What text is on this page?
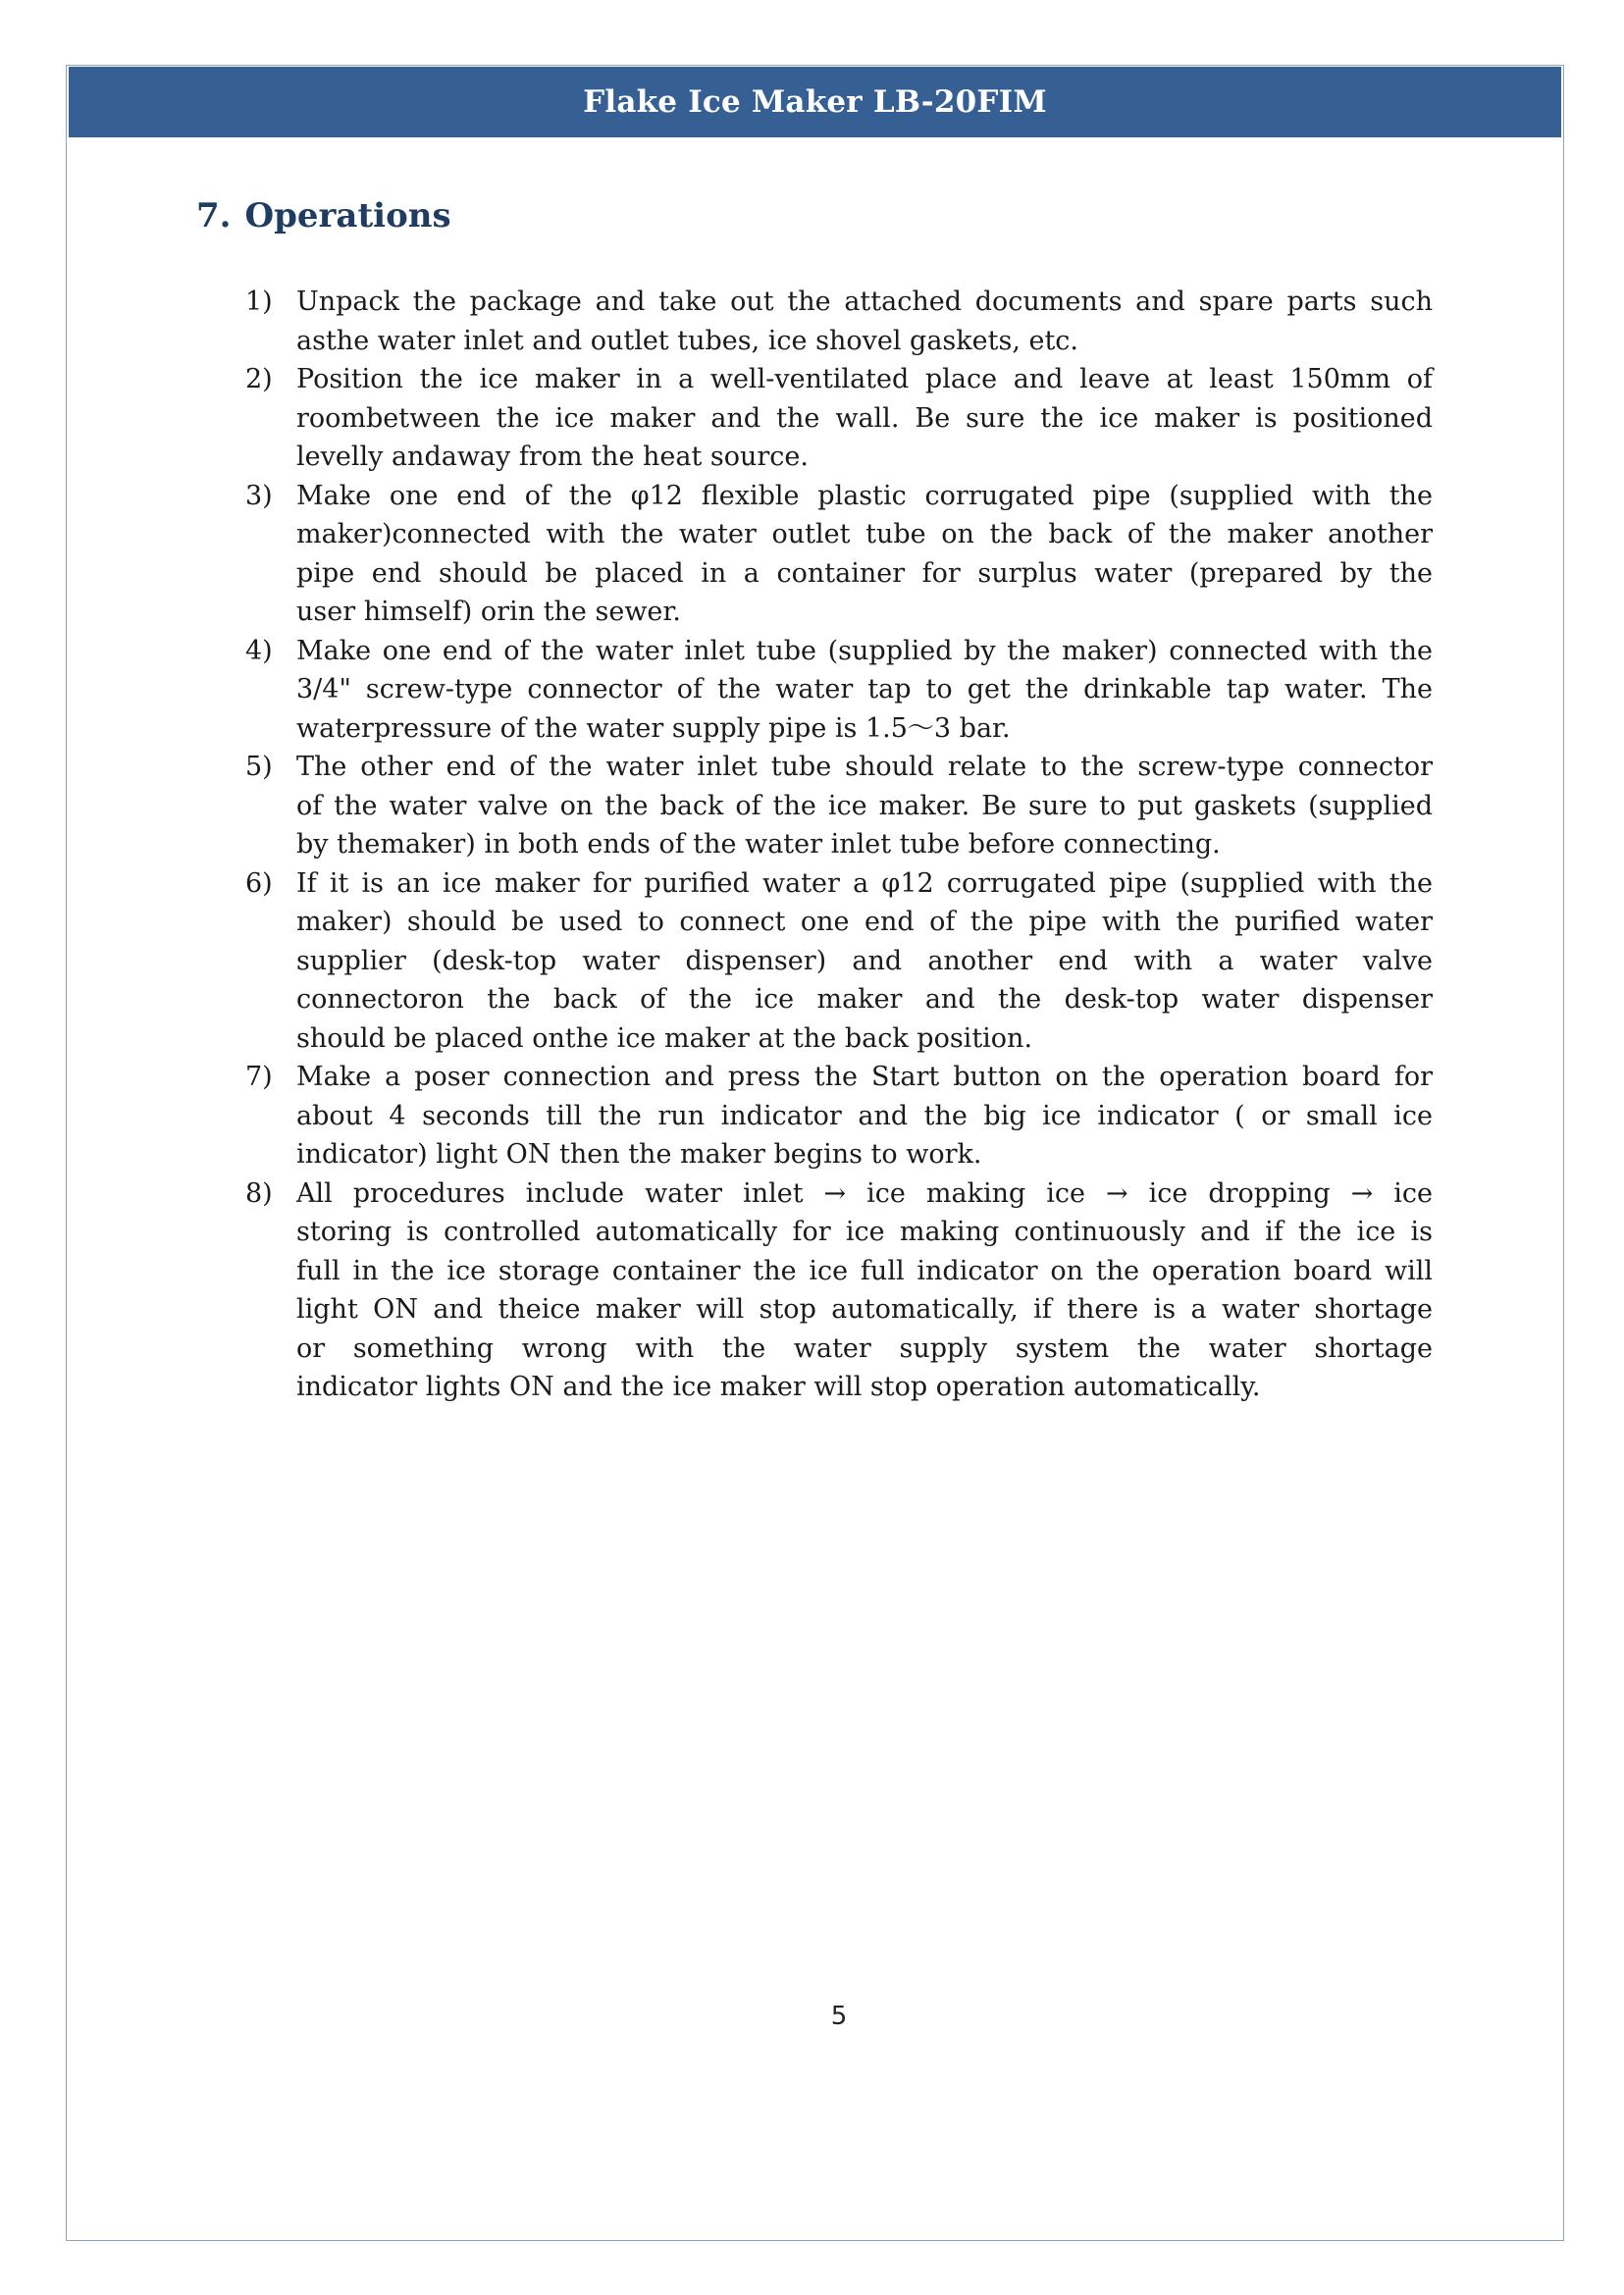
Flake Ice Maker LB-20FIM
7. Operations
1) Unpack the package and take out the attached documents and spare parts such
asthe water inlet and outlet tubes, ice shovel gaskets, etc.
2) Position the ice maker in a well-ventilated place and leave at least 150mm of
roombetween the ice maker and the wall. Be sure the ice maker is positioned
levelly andaway from the heat source.
3) Make one end of the φ12 flexible plastic corrugated pipe (supplied with the
maker)connected with the water outlet tube on the back of the maker another
pipe end should be placed in a container for surplus water (prepared by the
user himself) orin the sewer.
4) Make one end of the water inlet tube (supplied by the maker) connected with the
3/4" screw-type connector of the water tap to get the drinkable tap water. The
waterpressure of the water supply pipe is 1.5～3 bar.
5) The other end of the water inlet tube should relate to the screw-type connector
of the water valve on the back of the ice maker. Be sure to put gaskets (supplied
by themaker) in both ends of the water inlet tube before connecting.
6) If it is an ice maker for purified water a φ12 corrugated pipe (supplied with the
maker) should be used to connect one end of the pipe with the purified water
supplier (desk-top water dispenser) and another end with a water valve
connectoron the back of the ice maker and the desk-top water dispenser
should be placed onthe ice maker at the back position.
7) Make a poser connection and press the Start button on the operation board for
about 4 seconds till the run indicator and the big ice indicator ( or small ice
indicator) light ON then the maker begins to work.
8) All procedures include water inlet → ice making ice → ice dropping → ice
storing is controlled automatically for ice making continuously and if the ice is
full in the ice storage container the ice full indicator on the operation board will
light ON and theice maker will stop automatically, if there is a water shortage
or something wrong with the water supply system the water shortage
indicator lights ON and the ice maker will stop operation automatically.
5
